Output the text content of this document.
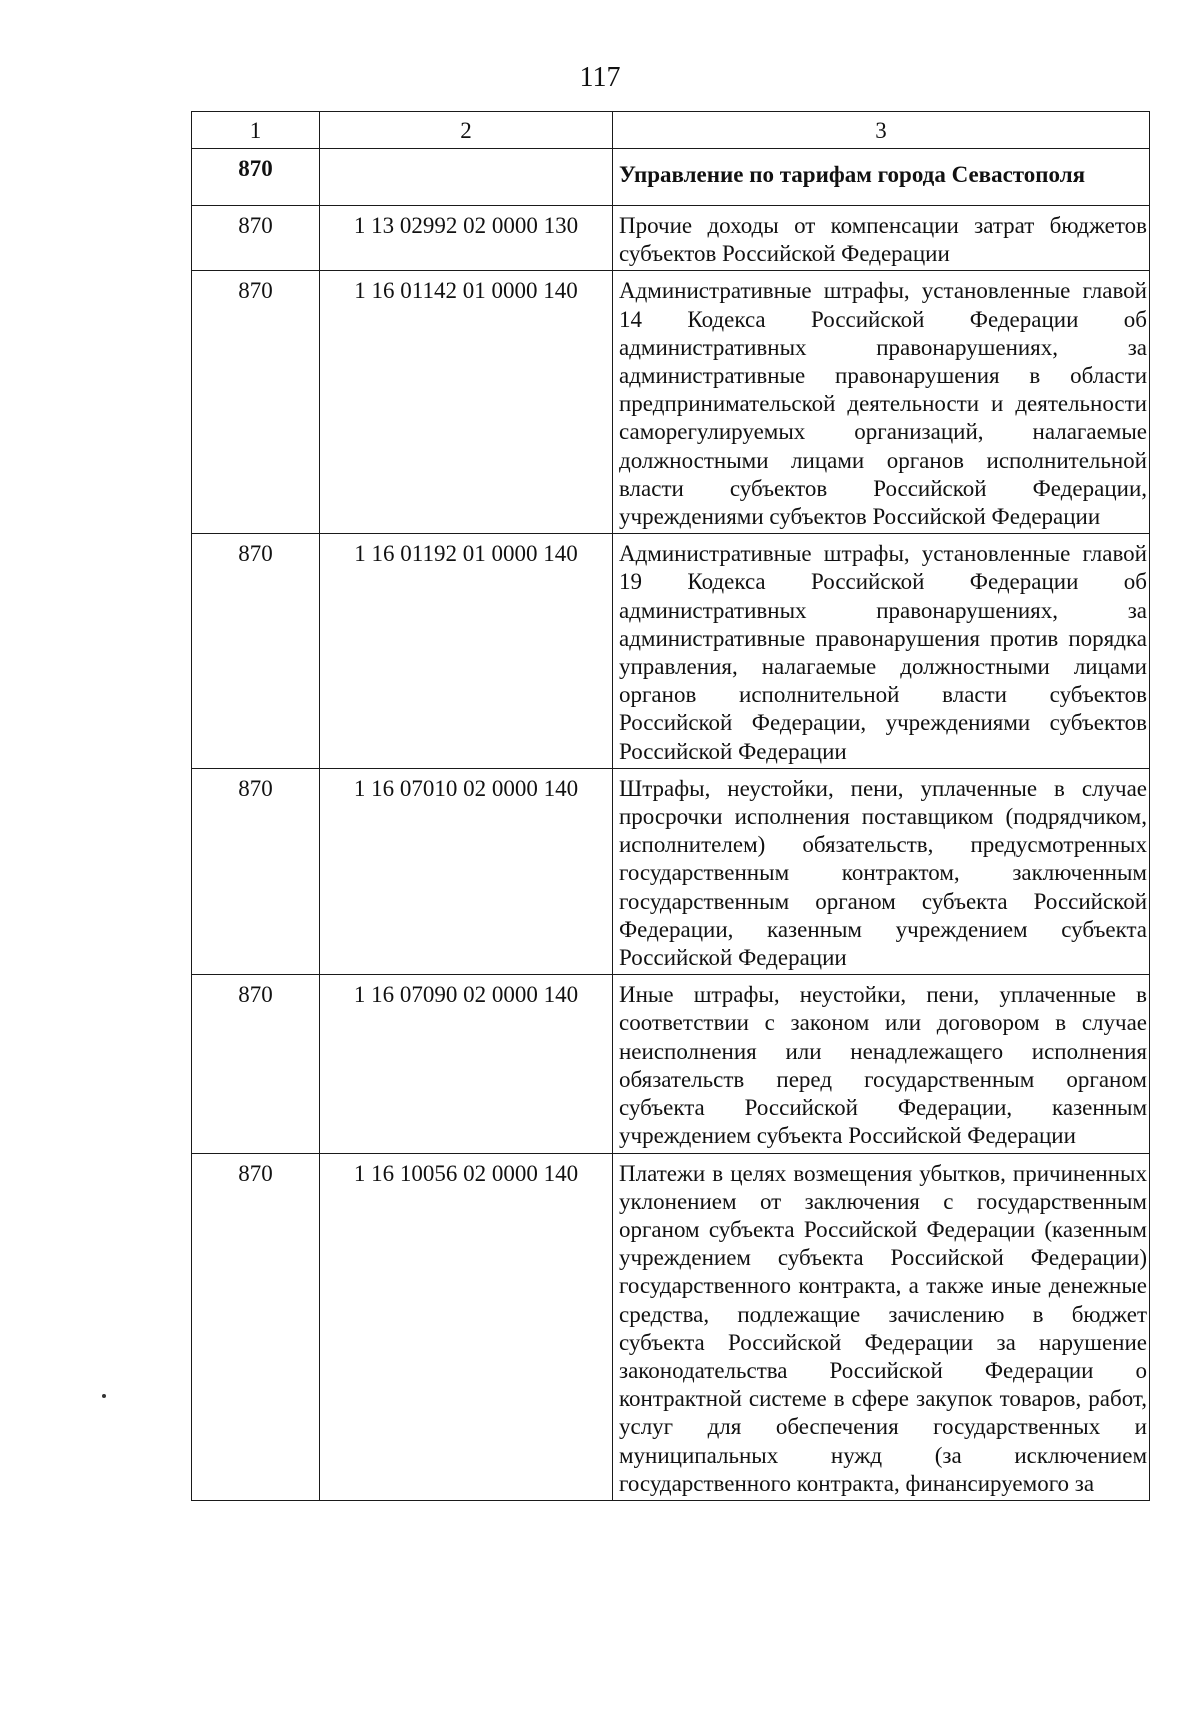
117
1	2	3
870		Управление по тарифам города Севастополя
870	1 13 02992 02 0000 130	Прочие доходы от компенсации затрат бюджетов субъектов Российской Федерации
870	1 16 01142 01 0000 140	Административные штрафы, установленные главой 14 Кодекса Российской Федерации об административных правонарушениях, за административные правонарушения в области предпринимательской деятельности и деятельности саморегулируемых организаций, налагаемые должностными лицами органов исполнительной власти субъектов Российской Федерации, учреждениями субъектов Российской Федерации
870	1 16 01192 01 0000 140	Административные штрафы, установленные главой 19 Кодекса Российской Федерации об административных правонарушениях, за административные правонарушения против порядка управления, налагаемые должностными лицами органов исполнительной власти субъектов Российской Федерации, учреждениями субъектов Российской Федерации
870	1 16 07010 02 0000 140	Штрафы, неустойки, пени, уплаченные в случае просрочки исполнения поставщиком (подрядчиком, исполнителем) обязательств, предусмотренных государственным контрактом, заключенным государственным органом субъекта Российской Федерации, казенным учреждением субъекта Российской Федерации
870	1 16 07090 02 0000 140	Иные штрафы, неустойки, пени, уплаченные в соответствии с законом или договором в случае неисполнения или ненадлежащего исполнения обязательств перед государственным органом субъекта Российской Федерации, казенным учреждением субъекта Российской Федерации
870	1 16 10056 02 0000 140	Платежи в целях возмещения убытков, причиненных уклонением от заключения с государственным органом субъекта Российской Федерации (казенным учреждением субъекта Российской Федерации) государственного контракта, а также иные денежные средства, подлежащие зачислению в бюджет субъекта Российской Федерации за нарушение законодательства Российской Федерации о контрактной системе в сфере закупок товаров, работ, услуг для обеспечения государственных и муниципальных нужд (за исключением государственного контракта, финансируемого за
